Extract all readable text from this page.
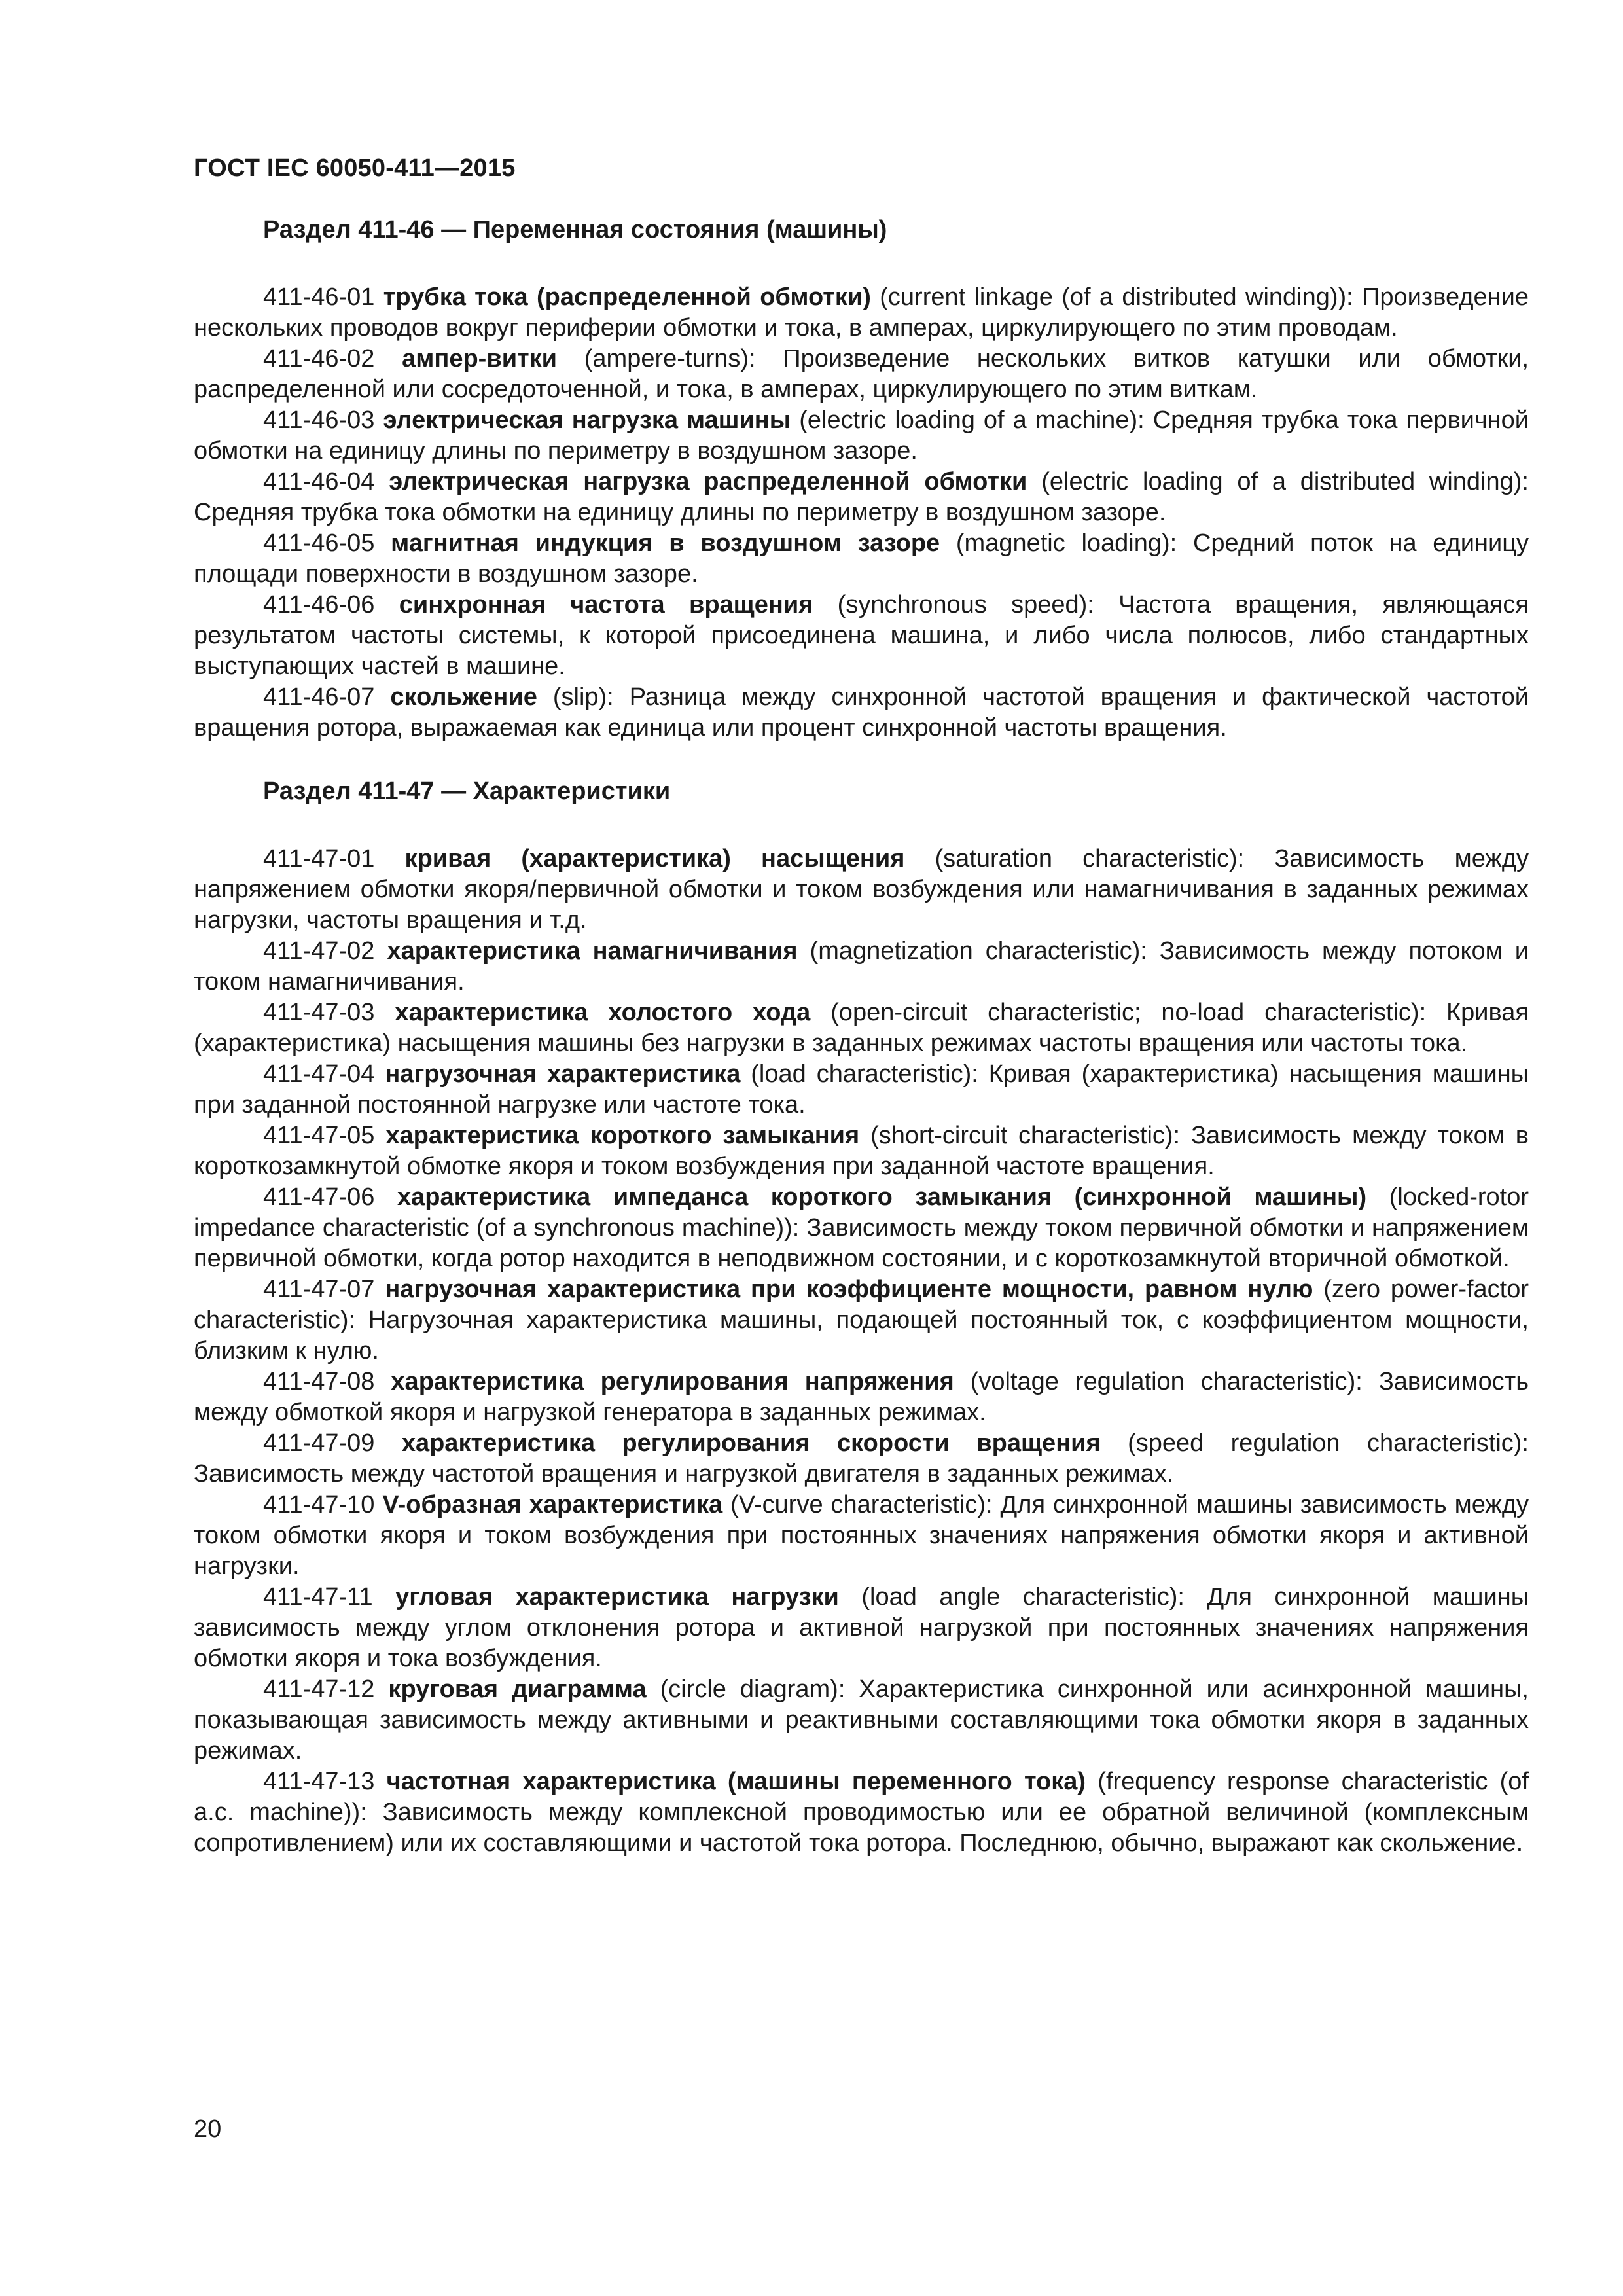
ГОСТ IEC 60050-411—2015
Раздел 411-46 — Переменная состояния (машины)

411-46-01 трубка тока (распределенной обмотки) (current linkage (of a distributed winding)): Произведение нескольких проводов вокруг периферии обмотки и тока, в амперах, циркулирующего по этим проводам.

411-46-02 ампер-витки (ampere-turns): Произведение нескольких витков катушки или обмотки, распределенной или сосредоточенной, и тока, в амперах, циркулирующего по этим виткам.

411-46-03 электрическая нагрузка машины (electric loading of a machine): Средняя трубка тока первичной обмотки на единицу длины по периметру в воздушном зазоре.

411-46-04 электрическая нагрузка распределенной обмотки (electric loading of a distributed winding): Средняя трубка тока обмотки на единицу длины по периметру в воздушном зазоре.

411-46-05 магнитная индукция в воздушном зазоре (magnetic loading): Средний поток на единицу площади поверхности в воздушном зазоре.

411-46-06 синхронная частота вращения (synchronous speed): Частота вращения, являющаяся результатом частоты системы, к которой присоединена машина, и либо числа полюсов, либо стандартных выступающих частей в машине.

411-46-07 скольжение (slip): Разница между синхронной частотой вращения и фактической частотой вращения ротора, выражаемая как единица или процент синхронной частоты вращения.

Раздел 411-47 — Характеристики

411-47-01 кривая (характеристика) насыщения (saturation characteristic): Зависимость между напряжением обмотки якоря/первичной обмотки и током возбуждения или намагничивания в заданных режимах нагрузки, частоты вращения и т.д.

411-47-02 характеристика намагничивания (magnetization characteristic): Зависимость между потоком и током намагничивания.

411-47-03 характеристика холостого хода (open-circuit characteristic; no-load characteristic): Кривая (характеристика) насыщения машины без нагрузки в заданных режимах частоты вращения или частоты тока.

411-47-04 нагрузочная характеристика (load characteristic): Кривая (характеристика) насыщения машины при заданной постоянной нагрузке или частоте тока.

411-47-05 характеристика короткого замыкания (short-circuit characteristic): Зависимость между током в короткозамкнутой обмотке якоря и током возбуждения при заданной частоте вращения.

411-47-06 характеристика импеданса короткого замыкания (синхронной машины) (locked-rotor impedance characteristic (of a synchronous machine)): Зависимость между током первичной обмотки и напряжением первичной обмотки, когда ротор находится в неподвижном состоянии, и с короткозамкнутой вторичной обмоткой.

411-47-07 нагрузочная характеристика при коэффициенте мощности, равном нулю (zero power-factor characteristic): Нагрузочная характеристика машины, подающей постоянный ток, с коэффициентом мощности, близким к нулю.

411-47-08 характеристика регулирования напряжения (voltage regulation characteristic): Зависимость между обмоткой якоря и нагрузкой генератора в заданных режимах.

411-47-09 характеристика регулирования скорости вращения (speed regulation characteristic): Зависимость между частотой вращения и нагрузкой двигателя в заданных режимах.

411-47-10 V-образная характеристика (V-curve characteristic): Для синхронной машины зависимость между током обмотки якоря и током возбуждения при постоянных значениях напряжения обмотки якоря и активной нагрузки.

411-47-11 угловая характеристика нагрузки (load angle characteristic): Для синхронной машины зависимость между углом отклонения ротора и активной нагрузкой при постоянных значениях напряжения обмотки якоря и тока возбуждения.

411-47-12 круговая диаграмма (circle diagram): Характеристика синхронной или асинхронной машины, показывающая зависимость между активными и реактивными составляющими тока обмотки якоря в заданных режимах.

411-47-13 частотная характеристика (машины переменного тока) (frequency response characteristic (of a.c. machine)): Зависимость между комплексной проводимостью или ее обратной величиной (комплексным сопротивлением) или их составляющими и частотой тока ротора. Последнюю, обычно, выражают как скольжение.

20
